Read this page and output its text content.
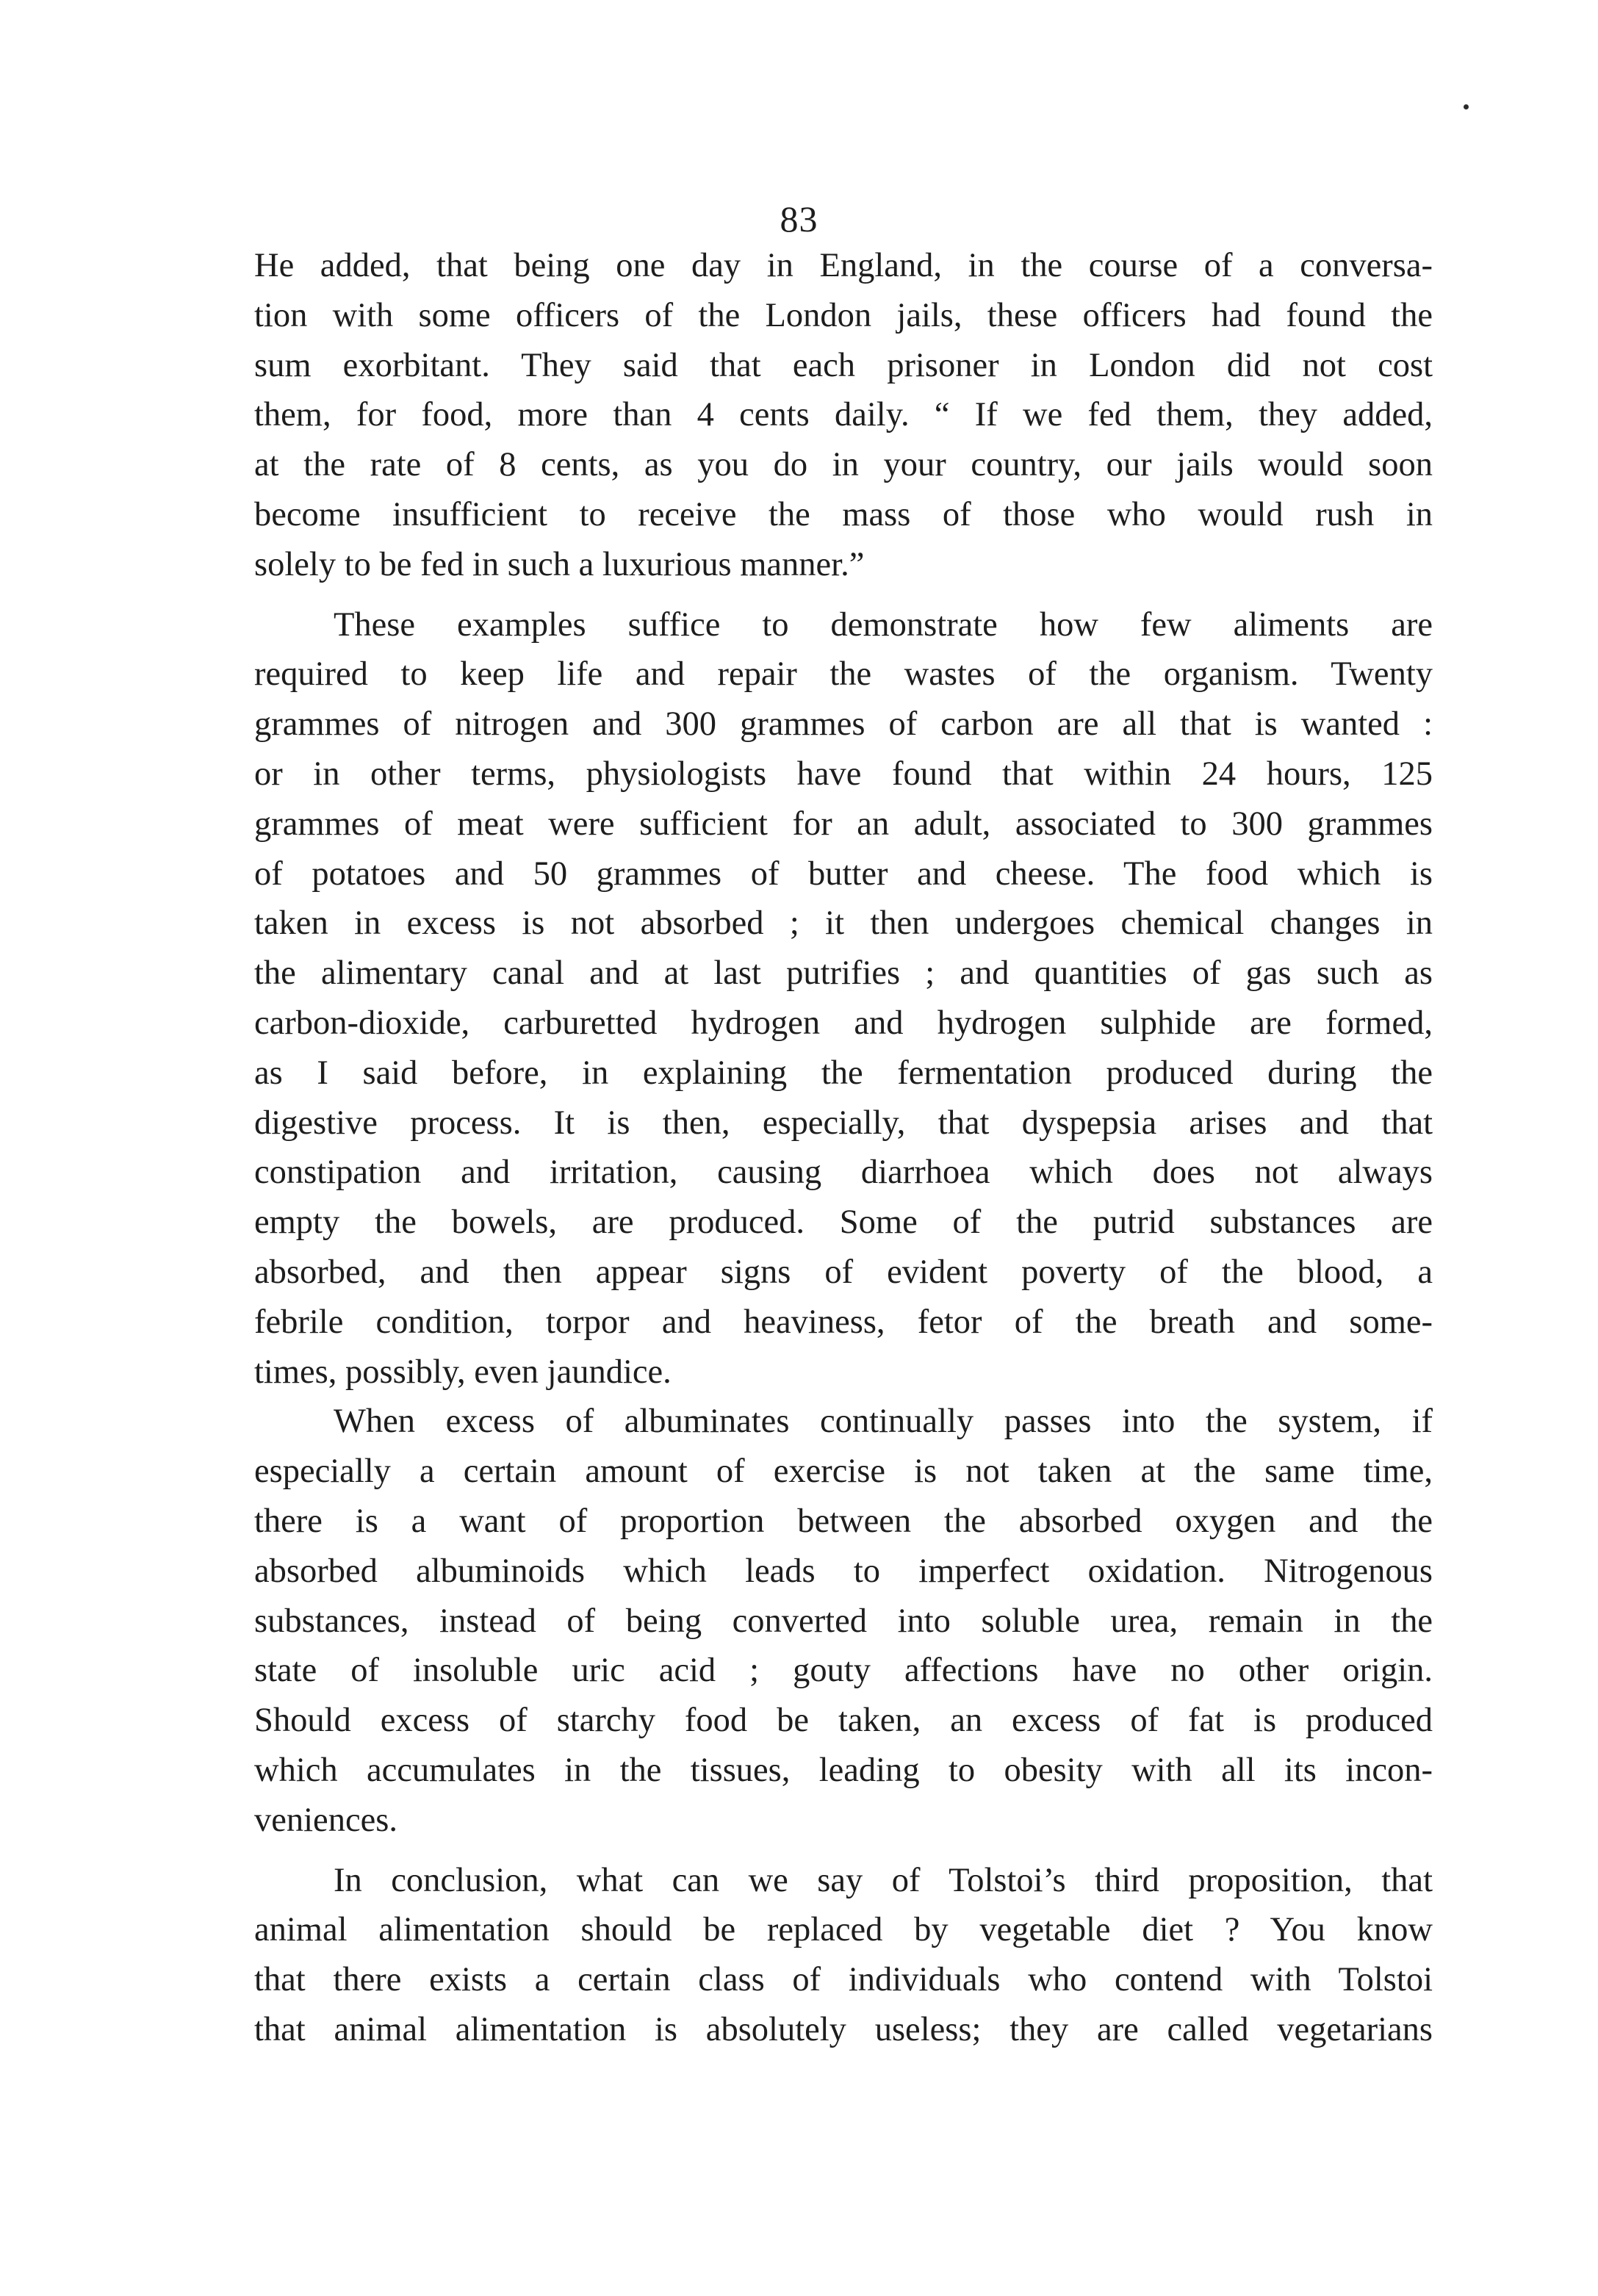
83

He added, that being one day in England, in the course of a conversa-
tion with some officers of the London jails, these officers had found the
sum exorbitant. They said that each prisoner in London did not cost
them, for food, more than 4 cents daily. “ If we fed them, they added,
at the rate of 8 cents, as you do in your country, our jails would soon
become insufficient to receive the mass of those who would rush in
solely to be fed in such a luxurious manner.”

These examples suffice to demonstrate how few aliments are
required to keep life and repair the wastes of the organism. Twenty
grammes of nitrogen and 300 grammes of carbon are all that is wanted :
or in other terms, physiologists have found that within 24 hours, 125
grammes of meat were sufficient for an adult, associated to 300 grammes
of potatoes and 50 grammes of butter and cheese. The food which is
taken in excess is not absorbed ; it then undergoes chemical changes in
the alimentary canal and at last putrifies ; and quantities of gas such as
carbon-dioxide, carburetted hydrogen and hydrogen sulphide are formed,
as I said before, in explaining the fermentation produced during the
digestive process. It is then, especially, that dyspepsia arises and that
constipation and irritation, causing diarrhoea which does not always
empty the bowels, are produced. Some of the putrid substances are
absorbed, and then appear signs of evident poverty of the blood, a
febrile condition, torpor and heaviness, fetor of the breath and some-
times, possibly, even jaundice.

When excess of albuminates continually passes into the system, if
especially a certain amount of exercise is not taken at the same time,
there is a want of proportion between the absorbed oxygen and the
absorbed albuminoids which leads to imperfect oxidation. Nitrogenous
substances, instead of being converted into soluble urea, remain in the
state of insoluble uric acid ; gouty affections have no other origin.
Should excess of starchy food be taken, an excess of fat is produced
which accumulates in the tissues, leading to obesity with all its incon-
veniences.

In conclusion, what can we say of Tolstoi’s third proposition, that
animal alimentation should be replaced by vegetable diet ? You know
that there exists a certain class of individuals who contend with Tolstoi
that animal alimentation is absolutely useless; they are called vegetarians
